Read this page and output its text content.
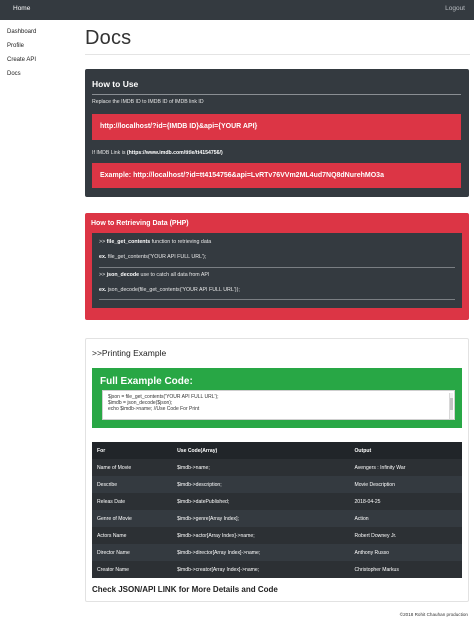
Home	Logout
Dashboard
Profile
Create API
Docs
Docs
How to Use
Replace the IMDB ID to IMDB ID of IMDB link ID
http://localhost/?id={IMDB ID}&api={YOUR API}
If IMDB Link is (https://www.imdb.com/title/tt4154756/)
Example: http://localhost/?id=tt4154756&api=LvRTv76VVm2ML4ud7NQ8dNurehMO3a
How to Retrieving Data (PHP)
>> file_get_contents function to retrieving data
ex. file_get_contents('YOUR API FULL URL');
>> json_decode use to catch all data from API
ex. json_decode(file_get_contents('YOUR API FULL URL'));
>>Printing Example
Full Example Code:
$json = file_get_contents('YOUR API FULL URL');
$imdb = json_decode($json);
echo $imdb->name; //Use Code For Print
For	Use Code(Array)	Output
Name of Movie	$imdb->name;	Avengers : Infinity War
Describe	$imdb->description;	Movie Description
Releas Date	$imdb->datePublished;	2018-04-25
Genre of Movie	$imdb->genre[Array Index];	Action
Actors Name	$imdb->actor[Array Index]->name;	Robert Downey Jr.
Director Name	$imdb->director[Array Index]->name;	Anthony Russo
Creator Name	$imdb->creator[Array Index]->name;	Christopher Markus
Check JSON/API LINK for More Details and Code
©2018 Rohit Chauhan production
